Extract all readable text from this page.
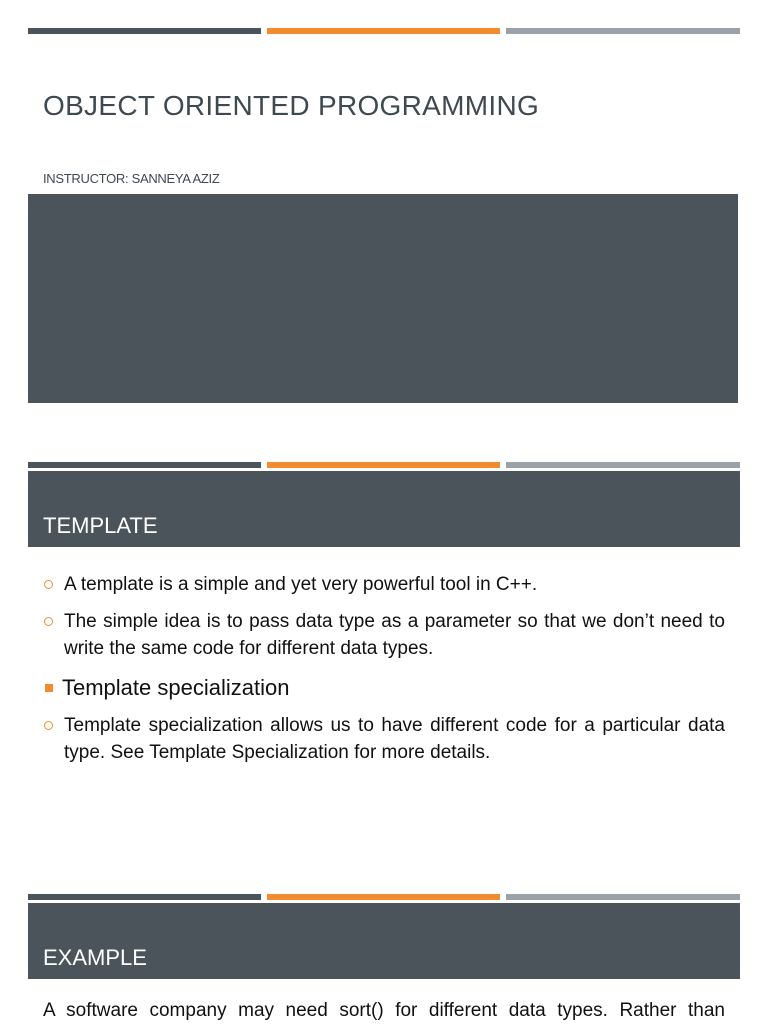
OBJECT ORIENTED PROGRAMMING
INSTRUCTOR: SANNEYA AZIZ
TEMPLATE
A template is a simple and yet very powerful tool in C++.
The simple idea is to pass data type as a parameter so that we don’t need to write the same code for different data types.
Template specialization
Template specialization allows us to have different code for a particular data type. See Template Specialization for more details.
EXAMPLE
A software company may need sort() for different data types. Rather than
